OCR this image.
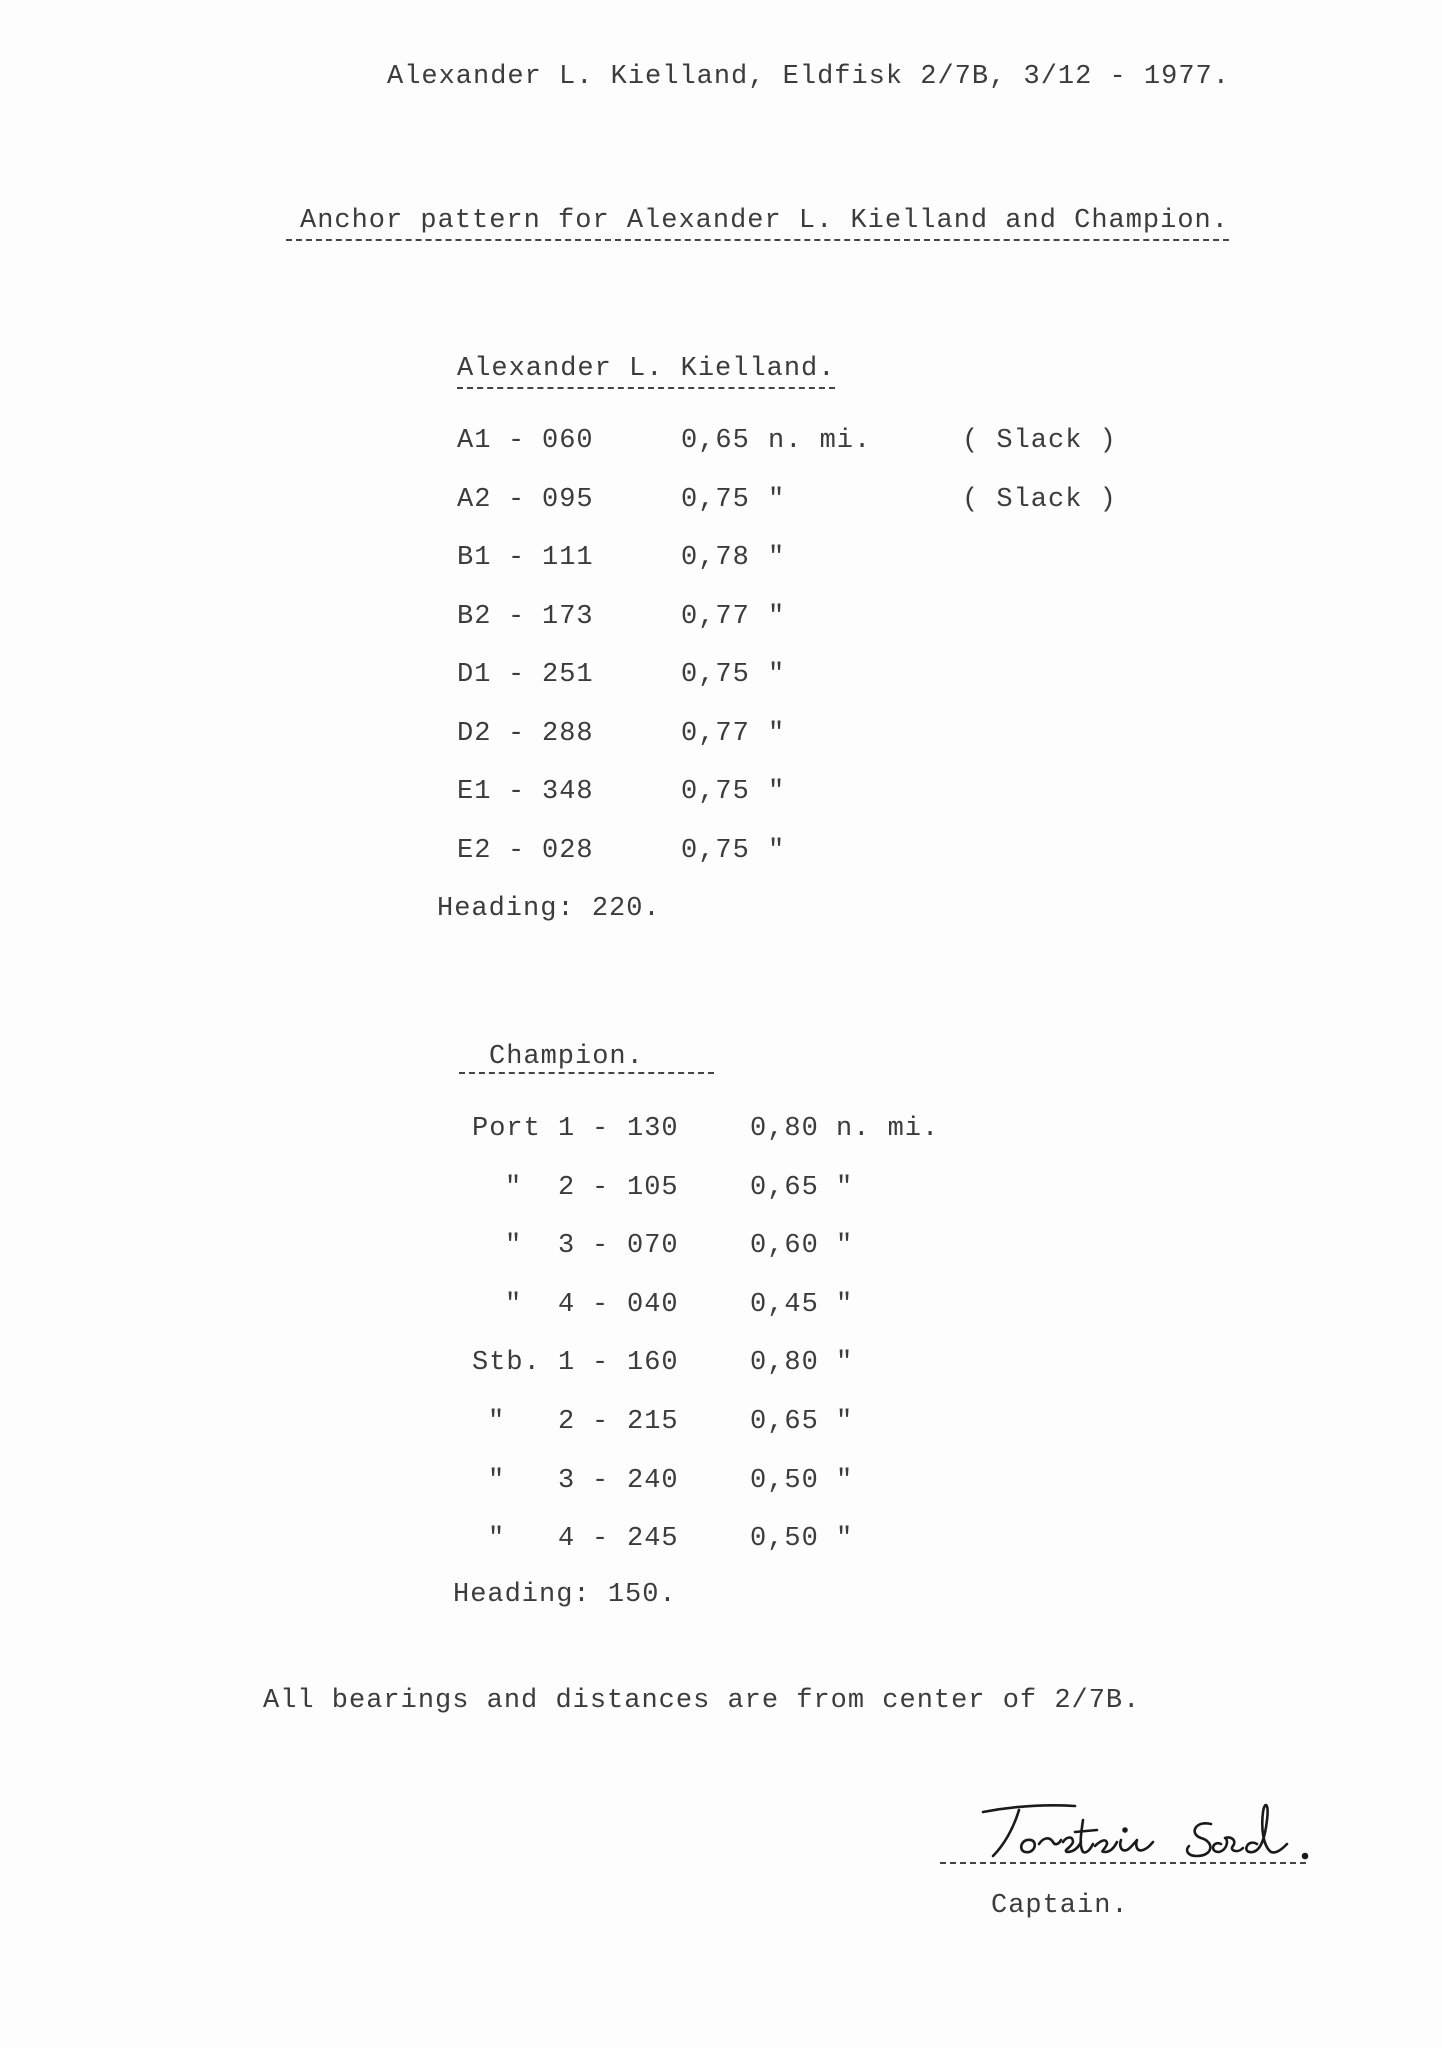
Alexander L. Kielland, Eldfisk 2/7B, 3/12 - 1977.
Anchor pattern for Alexander L. Kielland and Champion.
Alexander L. Kielland.
A1 - 060	0,65 n. mi.	( Slack )
A2 - 095	0,75 "	( Slack )
B1 - 111	0,78 "
B2 - 173	0,77 "
D1 - 251	0,75 "
D2 - 288	0,77 "
E1 - 348	0,75 "
E2 - 028	0,75 "
Heading: 220.
Champion.
Port 1 - 130	0,80 n. mi.
" 2 - 105	0,65 "
" 3 - 070	0,60 "
" 4 - 040	0,45 "
Stb. 1 - 160	0,80 "
" 2 - 215	0,65 "
" 3 - 240	0,50 "
" 4 - 245	0,50 "
Heading: 150.
All bearings and distances are from center of 2/7B.
Captain.
